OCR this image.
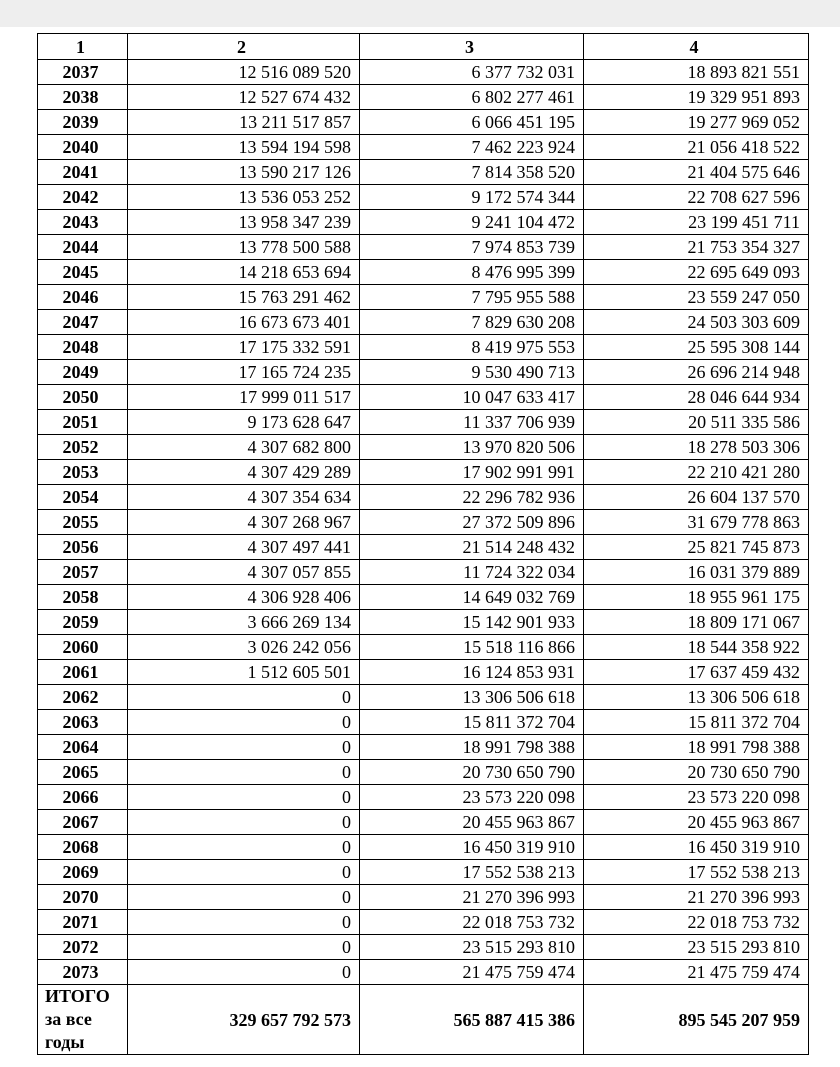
1	2	3	4
2037	12 516 089 520	6 377 732 031	18 893 821 551
2038	12 527 674 432	6 802 277 461	19 329 951 893
2039	13 211 517 857	6 066 451 195	19 277 969 052
2040	13 594 194 598	7 462 223 924	21 056 418 522
2041	13 590 217 126	7 814 358 520	21 404 575 646
2042	13 536 053 252	9 172 574 344	22 708 627 596
2043	13 958 347 239	9 241 104 472	23 199 451 711
2044	13 778 500 588	7 974 853 739	21 753 354 327
2045	14 218 653 694	8 476 995 399	22 695 649 093
2046	15 763 291 462	7 795 955 588	23 559 247 050
2047	16 673 673 401	7 829 630 208	24 503 303 609
2048	17 175 332 591	8 419 975 553	25 595 308 144
2049	17 165 724 235	9 530 490 713	26 696 214 948
2050	17 999 011 517	10 047 633 417	28 046 644 934
2051	9 173 628 647	11 337 706 939	20 511 335 586
2052	4 307 682 800	13 970 820 506	18 278 503 306
2053	4 307 429 289	17 902 991 991	22 210 421 280
2054	4 307 354 634	22 296 782 936	26 604 137 570
2055	4 307 268 967	27 372 509 896	31 679 778 863
2056	4 307 497 441	21 514 248 432	25 821 745 873
2057	4 307 057 855	11 724 322 034	16 031 379 889
2058	4 306 928 406	14 649 032 769	18 955 961 175
2059	3 666 269 134	15 142 901 933	18 809 171 067
2060	3 026 242 056	15 518 116 866	18 544 358 922
2061	1 512 605 501	16 124 853 931	17 637 459 432
2062	0	13 306 506 618	13 306 506 618
2063	0	15 811 372 704	15 811 372 704
2064	0	18 991 798 388	18 991 798 388
2065	0	20 730 650 790	20 730 650 790
2066	0	23 573 220 098	23 573 220 098
2067	0	20 455 963 867	20 455 963 867
2068	0	16 450 319 910	16 450 319 910
2069	0	17 552 538 213	17 552 538 213
2070	0	21 270 396 993	21 270 396 993
2071	0	22 018 753 732	22 018 753 732
2072	0	23 515 293 810	23 515 293 810
2073	0	21 475 759 474	21 475 759 474
ИТОГО
за все
годы	329 657 792 573	565 887 415 386	895 545 207 959
